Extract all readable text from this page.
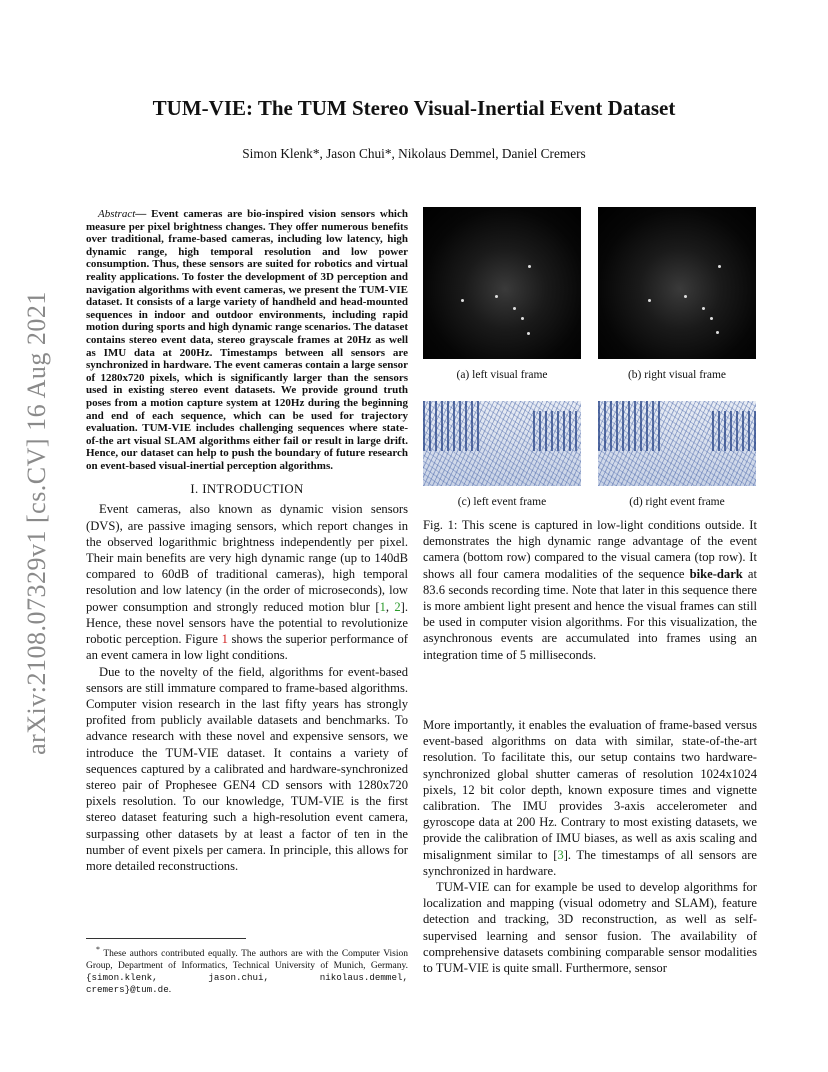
arXiv:2108.07329v1 [cs.CV] 16 Aug 2021
TUM-VIE: The TUM Stereo Visual-Inertial Event Dataset
Simon Klenk*, Jason Chui*, Nikolaus Demmel, Daniel Cremers

Abstract— Event cameras are bio-inspired vision sensors which measure per pixel brightness changes. They offer numerous benefits over traditional, frame-based cameras, including low latency, high dynamic range, high temporal resolution and low power consumption. Thus, these sensors are suited for robotics and virtual reality applications. To foster the development of 3D perception and navigation algorithms with event cameras, we present the TUM-VIE dataset. It consists of a large variety of handheld and head-mounted sequences in indoor and outdoor environments, including rapid motion during sports and high dynamic range scenarios. The dataset contains stereo event data, stereo grayscale frames at 20Hz as well as IMU data at 200Hz. Timestamps between all sensors are synchronized in hardware. The event cameras contain a large sensor of 1280x720 pixels, which is significantly larger than the sensors used in existing stereo event datasets. We provide ground truth poses from a motion capture system at 120Hz during the beginning and end of each sequence, which can be used for trajectory evaluation. TUM-VIE includes challenging sequences where state-of-the art visual SLAM algorithms either fail or result in large drift. Hence, our dataset can help to push the boundary of future research on event-based visual-inertial perception algorithms.

I. INTRODUCTION

Event cameras, also known as dynamic vision sensors (DVS), are passive imaging sensors, which report changes in the observed logarithmic brightness independently per pixel. Their main benefits are very high dynamic range (up to 140dB compared to 60dB of traditional cameras), high temporal resolution and low latency (in the order of microseconds), low power consumption and strongly reduced motion blur [1, 2]. Hence, these novel sensors have the potential to revolutionize robotic perception. Figure 1 shows the superior performance of an event camera in low light conditions.

Due to the novelty of the field, algorithms for event-based sensors are still immature compared to frame-based algorithms. Computer vision research in the last fifty years has strongly profited from publicly available datasets and benchmarks. To advance research with these novel and expensive sensors, we introduce the TUM-VIE dataset. It contains a variety of sequences captured by a calibrated and hardware-synchronized stereo pair of Prophesee GEN4 CD sensors with 1280x720 pixels resolution. To our knowledge, TUM-VIE is the first stereo dataset featuring such a high-resolution event camera, surpassing other datasets by at least a factor of ten in the number of event pixels per camera. In principle, this allows for more detailed reconstructions.

* These authors contributed equally. The authors are with the Computer Vision Group, Department of Informatics, Technical University of Munich, Germany. {simon.klenk, jason.chui, nikolaus.demmel, cremers}@tum.de.

(a) left visual frame	(b) right visual frame
(c) left event frame	(d) right event frame
Fig. 1: This scene is captured in low-light conditions outside. It demonstrates the high dynamic range advantage of the event camera (bottom row) compared to the visual camera (top row). It shows all four camera modalities of the sequence bike-dark at 83.6 seconds recording time. Note that later in this sequence there is more ambient light present and hence the visual frames can still be used in computer vision algorithms. For this visualization, the asynchronous events are accumulated into frames using an integration time of 5 milliseconds.

More importantly, it enables the evaluation of frame-based versus event-based algorithms on data with similar, state-of-the-art resolution. To facilitate this, our setup contains two hardware-synchronized global shutter cameras of resolution 1024x1024 pixels, 12 bit color depth, known exposure times and vignette calibration. The IMU provides 3-axis accelerometer and gyroscope data at 200 Hz. Contrary to most existing datasets, we provide the calibration of IMU biases, as well as axis scaling and misalignment similar to [3]. The timestamps of all sensors are synchronized in hardware.

TUM-VIE can for example be used to develop algorithms for localization and mapping (visual odometry and SLAM), feature detection and tracking, 3D reconstruction, as well as self-supervised learning and sensor fusion. The availability of comprehensive datasets combining comparable sensor modalities to TUM-VIE is quite small. Furthermore, sensor
